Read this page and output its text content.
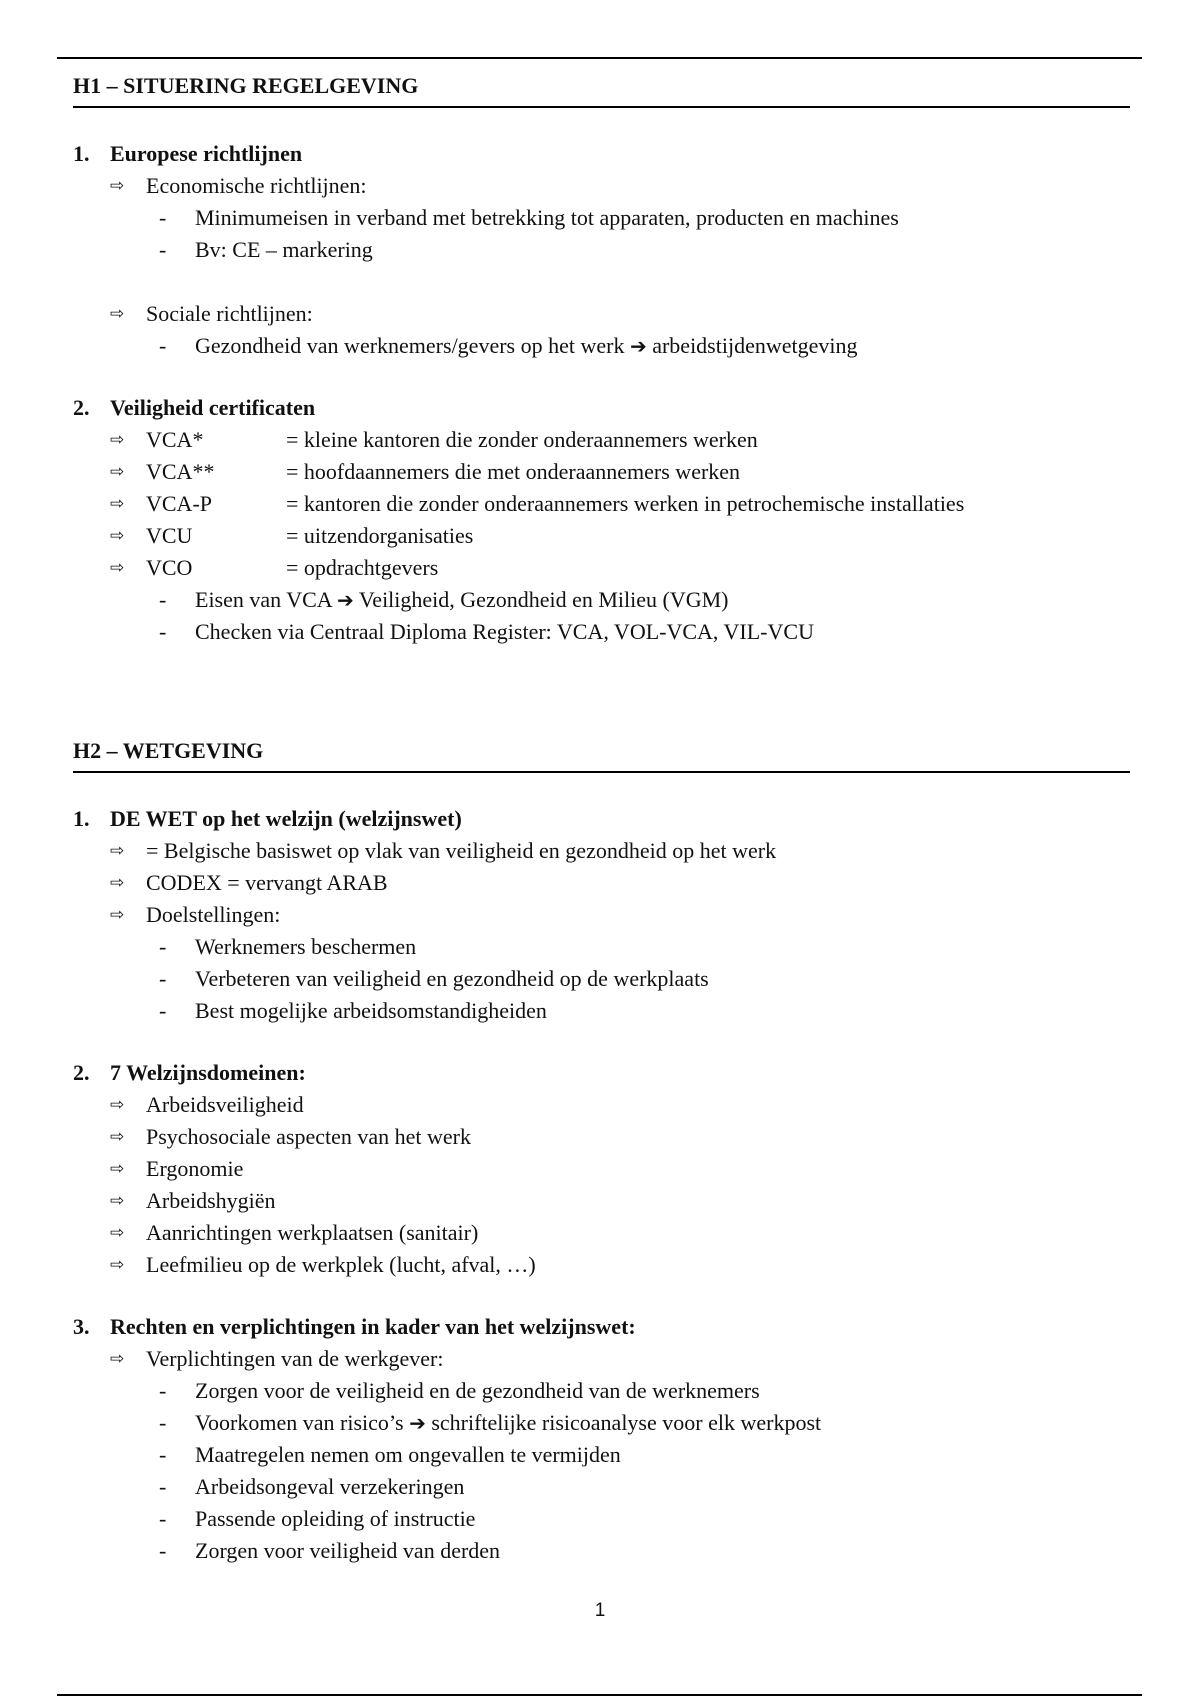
H1 – SITUERING REGELGEVING
1. Europese richtlijnen
⇨ Economische richtlijnen:
-	Minimumeisen in verband met betrekking tot apparaten, producten en machines
-	Bv: CE – markering
⇨ Sociale richtlijnen:
-	Gezondheid van werknemers/gevers op het werk ➔ arbeidstijdenwetgeving
2. Veiligheid certificaten
⇨ VCA*	= kleine kantoren die zonder onderaannemers werken
⇨ VCA**	= hoofdaannemers die met onderaannemers werken
⇨ VCA-P	= kantoren die zonder onderaannemers werken in petrochemische installaties
⇨ VCU	= uitzendorganisaties
⇨ VCO	= opdrachtgevers
-	Eisen van VCA ➔ Veiligheid, Gezondheid en Milieu (VGM)
-	Checken via Centraal Diploma Register: VCA, VOL-VCA, VIL-VCU
H2 – WETGEVING
1. DE WET op het welzijn (welzijnswet)
⇨ = Belgische basiswet op vlak van veiligheid en gezondheid op het werk
⇨ CODEX = vervangt ARAB
⇨ Doelstellingen:
-	Werknemers beschermen
-	Verbeteren van veiligheid en gezondheid op de werkplaats
-	Best mogelijke arbeidsomstandigheiden
2. 7 Welzijnsdomeinen:
⇨ Arbeidsveiligheid
⇨ Psychosociale aspecten van het werk
⇨ Ergonomie
⇨ Arbeidshygiën
⇨ Aanrichtingen werkplaatsen (sanitair)
⇨ Leefmilieu op de werkplek (lucht, afval, …)
3. Rechten en verplichtingen in kader van het welzijnswet:
⇨ Verplichtingen van de werkgever:
-	Zorgen voor de veiligheid en de gezondheid van de werknemers
-	Voorkomen van risico’s ➔ schriftelijke risicoanalyse voor elk werkpost
-	Maatregelen nemen om ongevallen te vermijden
-	Arbeidsongeval verzekeringen
-	Passende opleiding of instructie
-	Zorgen voor veiligheid van derden
1
